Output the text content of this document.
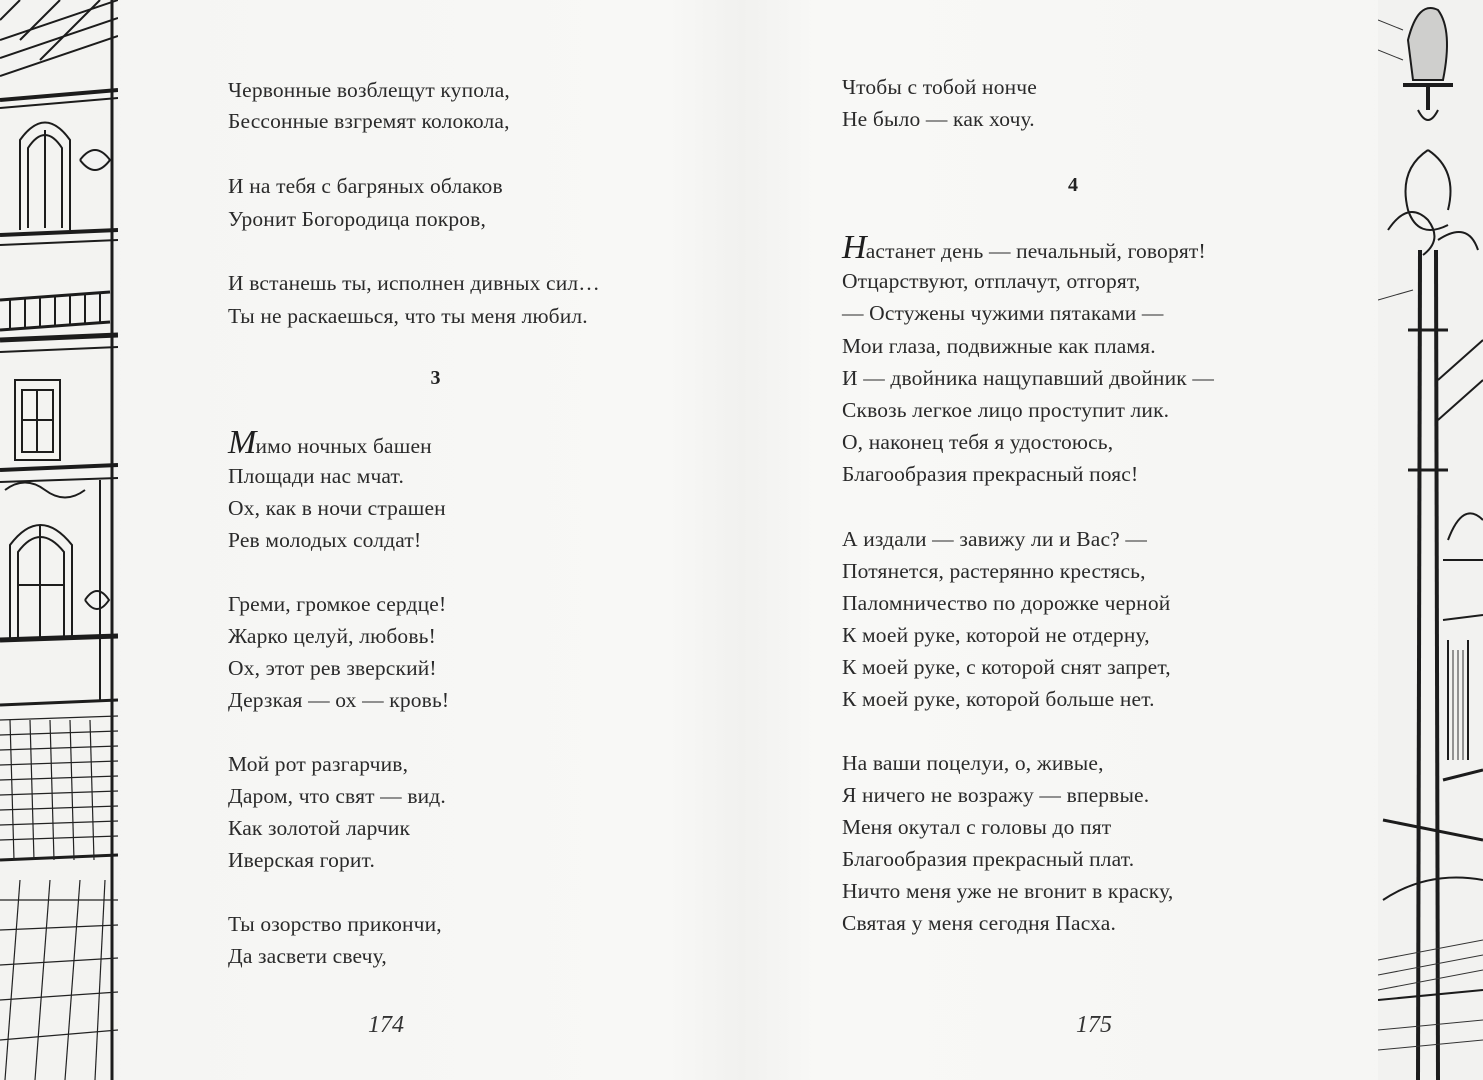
Червонные возблещут купола,
Бессонные взгремят колокола,
И на тебя с багряных облаков
Уронит Богородица покров,
И встанешь ты, исполнен дивных сил…
Ты не раскаешься, что ты меня любил.
3
Мимо ночных башен
Площади нас мчат.
Ох, как в ночи страшен
Рев молодых солдат!
Греми, громкое сердце!
Жарко целуй, любовь!
Ох, этот рев зверский!
Дерзкая — ох — кровь!
Мой рот разгарчив,
Даром, что свят — вид.
Как золотой ларчик
Иверская горит.
Ты озорство прикончи,
Да засвети свечу,
174
Чтобы с тобой нонче
Не было — как хочу.
4
Настанет день — печальный, говорят!
Отцарствуют, отплачут, отгорят,
— Остужены чужими пятаками —
Мои глаза, подвижные как пламя.
И — двойника нащупавший двойник —
Сквозь легкое лицо проступит лик.
О, наконец тебя я удостоюсь,
Благообразия прекрасный пояс!
А издали — завижу ли и Вас? —
Потянется, растерянно крестясь,
Паломничество по дорожке черной
К моей руке, которой не отдерну,
К моей руке, с которой снят запрет,
К моей руке, которой больше нет.
На ваши поцелуи, о, живые,
Я ничего не возражу — впервые.
Меня окутал с головы до пят
Благообразия прекрасный плат.
Ничто меня уже не вгонит в краску,
Святая у меня сегодня Пасха.
175
